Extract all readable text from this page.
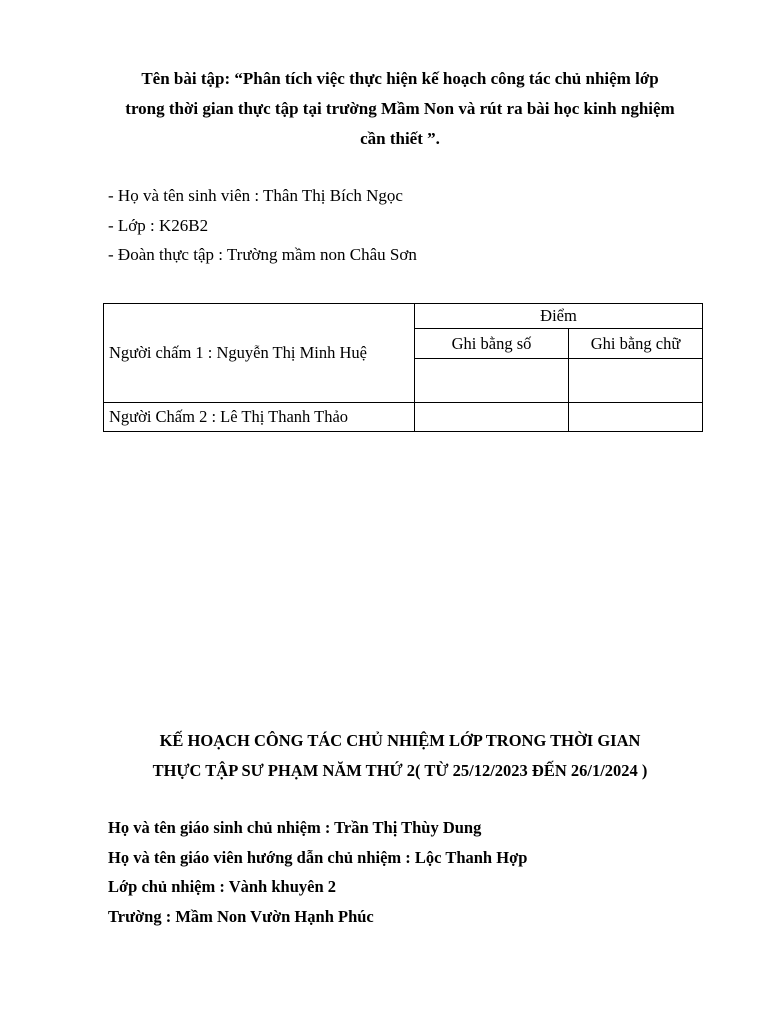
Tên bài tập: “Phân tích việc thực hiện kế hoạch công tác chủ nhiệm lớp
trong thời gian thực tập tại trường Mầm Non và rút ra bài học kinh nghiệm
cần thiết ”.
- Họ và tên sinh viên : Thân Thị Bích Ngọc
- Lớp : K26B2
- Đoàn thực tập : Trường mầm non Châu Sơn
Người chấm 1 : Nguyễn Thị Minh Huệ	Điểm	
	Ghi bằng số	Ghi bằng chữ

Người Chấm 2 : Lê Thị Thanh Thảo		
KẾ HOẠCH CÔNG TÁC CHỦ NHIỆM LỚP TRONG THỜI GIAN
THỰC TẬP SƯ PHẠM NĂM THỨ 2( TỪ 25/12/2023 ĐẾN 26/1/2024 )
Họ và tên giáo sinh chủ nhiệm : Trần Thị Thùy Dung
Họ và tên giáo viên hướng dẫn chủ nhiệm : Lộc Thanh Hợp
Lớp chủ nhiệm : Vành khuyên 2
Trường : Mầm Non Vườn Hạnh Phúc
